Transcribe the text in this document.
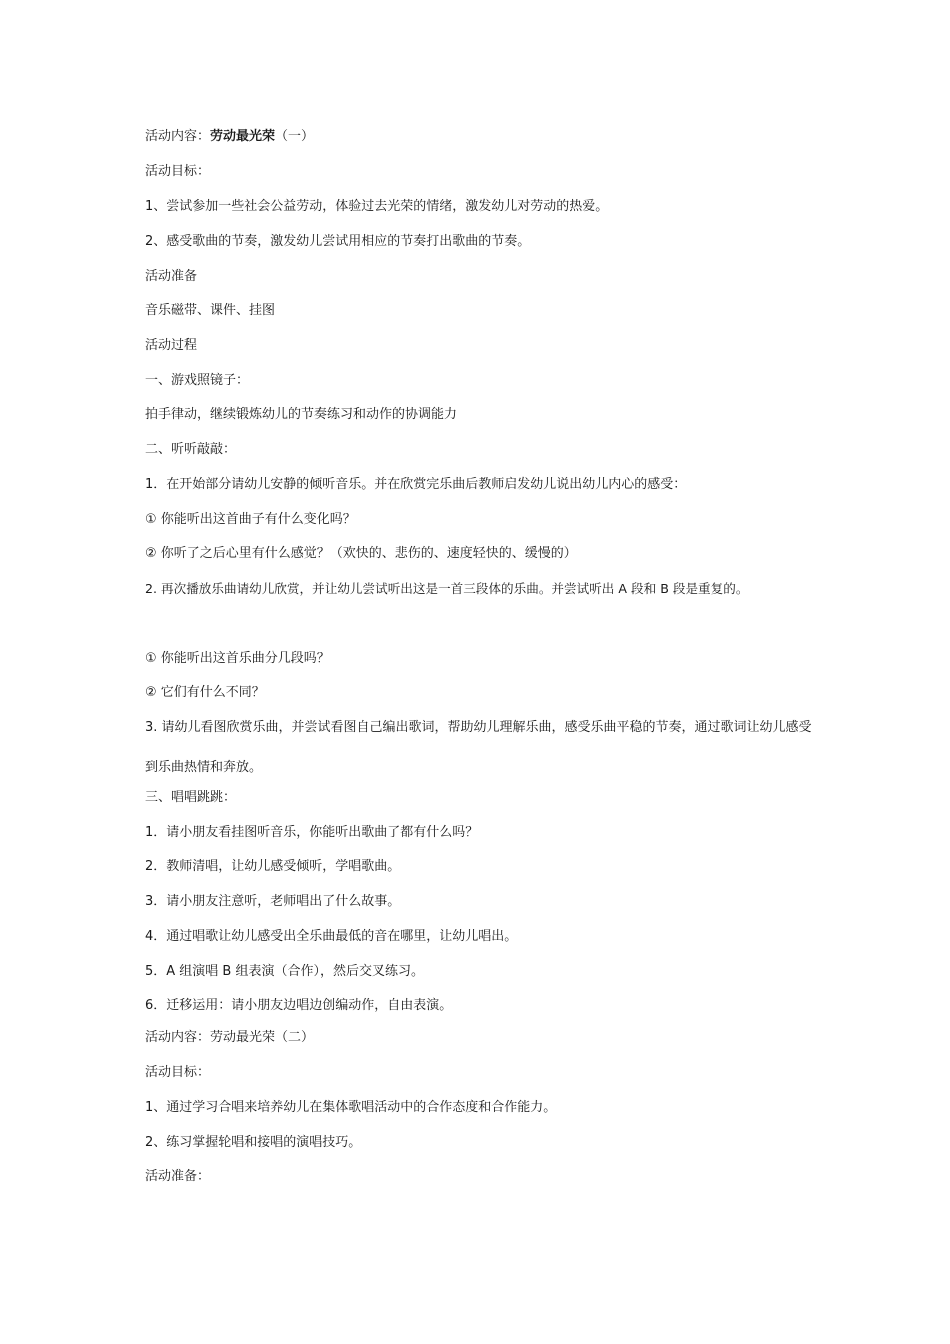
活动内容：劳动最光荣（一）
活动目标：
1、尝试参加一些社会公益劳动，体验过去光荣的情绪，激发幼儿对劳动的热爱。
2、感受歌曲的节奏，激发幼儿尝试用相应的节奏打出歌曲的节奏。
活动准备
音乐磁带、课件、挂图
活动过程
一、游戏照镜子：
拍手律动，继续锻炼幼儿的节奏练习和动作的协调能力
二、听听敲敲：
1．在开始部分请幼儿安静的倾听音乐。并在欣赏完乐曲后教师启发幼儿说出幼儿内心的感受：
① 你能听出这首曲子有什么变化吗？
② 你听了之后心里有什么感觉？（欢快的、悲伤的、速度轻快的、缓慢的）
2. 再次播放乐曲请幼儿欣赏，并让幼儿尝试听出这是一首三段体的乐曲。并尝试听出 A 段和 B 段是重复的。
① 你能听出这首乐曲分几段吗？
② 它们有什么不同？
3. 请幼儿看图欣赏乐曲，并尝试看图自己编出歌词，帮助幼儿理解乐曲，感受乐曲平稳的节奏，通过歌词让幼儿感受到乐曲热情和奔放。
三、唱唱跳跳：
1．请小朋友看挂图听音乐，你能听出歌曲了都有什么吗？
2．教师清唱，让幼儿感受倾听，学唱歌曲。
3．请小朋友注意听，老师唱出了什么故事。
4．通过唱歌让幼儿感受出全乐曲最低的音在哪里，让幼儿唱出。
5．A 组演唱 B 组表演（合作），然后交叉练习。
6．迁移运用：请小朋友边唱边创编动作，自由表演。
活动内容：劳动最光荣（二）
活动目标：
1、通过学习合唱来培养幼儿在集体歌唱活动中的合作态度和合作能力。
2、练习掌握轮唱和接唱的演唱技巧。
活动准备：
